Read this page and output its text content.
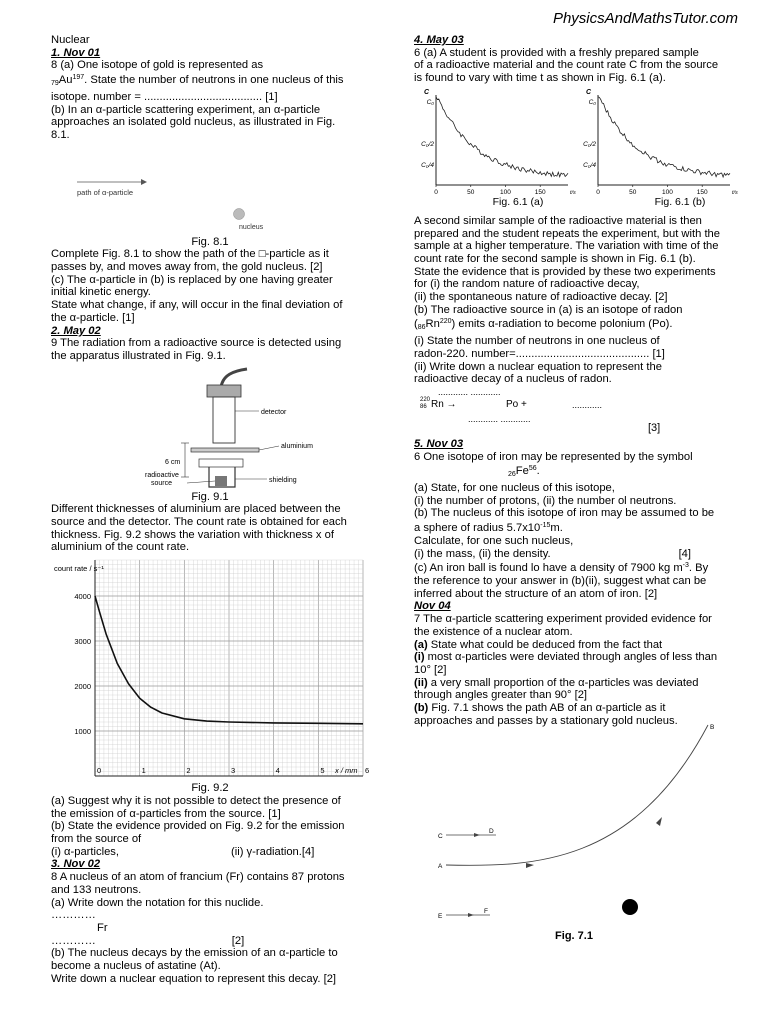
PhysicsAndMathsTutor.com
Nuclear
1. Nov 01
8 (a) One isotope of gold is represented as
$_{79}Au^{197}$. State the number of neutrons in one nucleus of this
isotope. number = ...................................... [1]
(b) In an α-particle scattering experiment, an α-particle
approaches an isolated gold nucleus, as illustrated in Fig.
8.1.
path of α-particle
nucleus
Fig. 8.1
Complete Fig. 8.1 to show the path of the □-particle as it
passes by, and moves away from, the gold nucleus. [2]
(c) The α-particle in (b) is replaced by one having greater
initial kinetic energy.
State what change, if any, will occur in the final deviation of
the α-particle. [1]
2. May 02
9 The radiation from a radioactive source is detected using
the apparatus illustrated in Fig. 9.1.
detector
aluminium
6 cm
radioactive
source	shielding
Fig. 9.1
Different thicknesses of aluminium are placed between the
source and the detector. The count rate is obtained for each
thickness. Fig. 9.2 shows the variation with thickness x of
aluminium of the count rate.
1000
2000
3000
4000
0	1	2	3	4	5	6
count rate / s⁻¹
x / mm
Fig. 9.2
(a) Suggest why it is not possible to detect the presence of
the emission of α-particles from the source. [1]
(b) State the evidence provided on Fig. 9.2 for the emission
from the source of
(i) α-particles,	(ii) γ-radiation.[4]
3. Nov 02
8 A nucleus of an atom of francium (Fr) contains 87 protons
and 133 neutrons.
(a) Write down the notation for this nuclide.
…………
Fr
…………	[2]
(b) The nucleus decays by the emission of an α-particle to
become a nucleus of astatine (At).
Write down a nuclear equation to represent this decay. [2]
4. May 03
6 (a) A student is provided with a freshly prepared sample
of a radioactive material and the count rate C from the source
is found to vary with time t as shown in Fig. 6.1 (a).
C
C₀
C₀/2
C₀/4
0	50	100	150	t/s
Fig. 6.1 (a)
C
C₀
C₀/2
C₀/4
0	50	100	150	t/s
Fig. 6.1 (b)
A second similar sample of the radioactive material is then
prepared and the student repeats the experiment, but with the
sample at a higher temperature. The variation with time of the
count rate for the second sample is shown in Fig. 6.1 (b).
State the evidence that is provided by these two experiments
for (i) the random nature of radioactive decay,
(ii) the spontaneous nature of radioactive decay. [2]
(b) The radioactive source in (a) is an isotope of radon
$(_{86}Rn^{220})$ emits α-radiation to become polonium (Po).
(i) State the number of neutrons in one nucleus of
radon-220. number=........................................... [1]
(ii) Write down a nuclear equation to represent the
radioactive decay of a nucleus of radon.
............ ............
220
86 Rn →	Po +	............
............ ............
[3]
5. Nov 03
6 One isotope of iron may be represented by the symbol
$_{26}Fe^{56}$.
(a) State, for one nucleus of this isotope,
(i) the number of protons, (ii) the number ol neutrons.
(b) The nucleus of this isotope of iron may be assumed to be
a sphere of radius $5.7x10^{-15}m$.
Calculate, for one such nucleus,
(i) the mass, (ii) the density.	[4]
(c) An iron ball is found lo have a density of 7900 kg $m^{-3}$. By
the reference to your answer in (b)(ii), suggest what can be
inferred about the structure of an atom of iron. [2]
Nov 04
7 The α-particle scattering experiment provided evidence for
the existence of a nuclear atom.
(a) State what could be deduced from the fact that
(i) most α-particles were deviated through angles of less than
10° [2]
(ii) a very small proportion of the α-particles was deviated
through angles greater than 90° [2]
(b) Fig. 7.1 shows the path AB of an α-particle as it
approaches and passes by a stationary gold nucleus.
A
B
C
D
E
F
Fig. 7.1
